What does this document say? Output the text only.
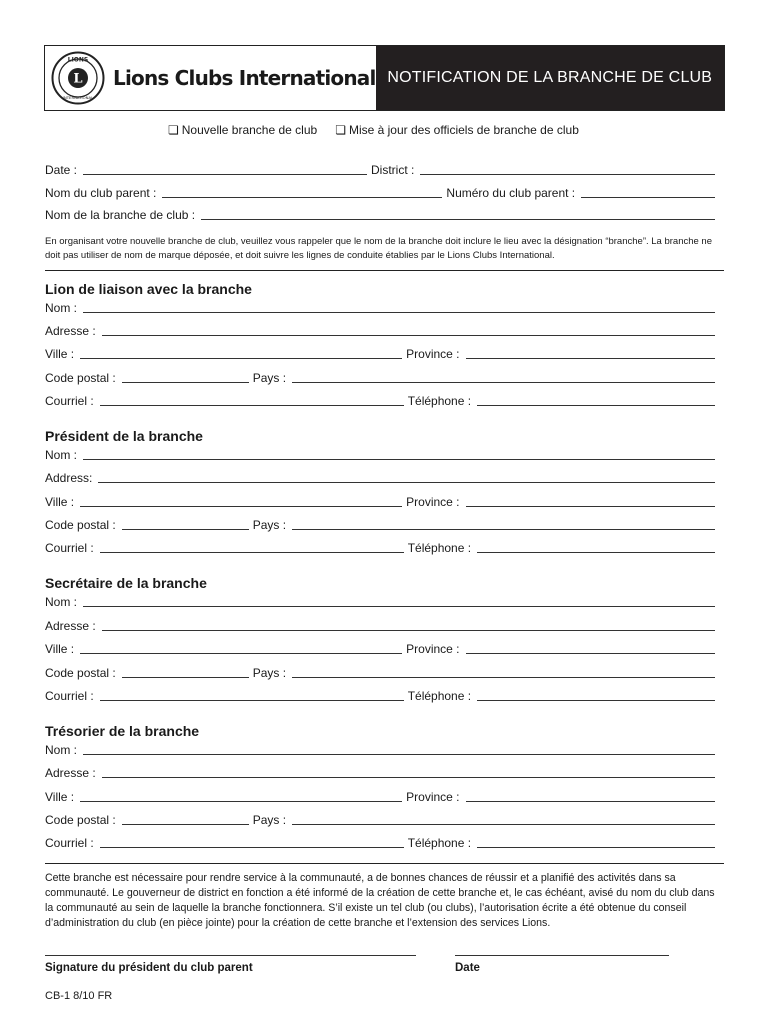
L
LIONS
INTERNATIONAL
Lions Clubs International NOTIFICATION DE LA BRANCHE DE CLUB
❏ Nouvelle branche de club ❏ Mise à jour des officiels de branche de club
Date :	District :
Nom du club parent :	Numéro du club parent :
Nom de la branche de club :
En organisant votre nouvelle branche de club, veuillez vous rappeler que le nom de la branche doit inclure le lieu avec la désignation “branche”. La branche ne doit pas utiliser de nom de marque déposée, et doit suivre les lignes de conduite établies par le Lions Clubs International.
Lion de liaison avec la branche
Nom :
Adresse :
Ville :	Province :
Code postal :	Pays :
Courriel :	Téléphone :
Président de la branche
Nom :
Address:
Ville :	Province :
Code postal :	Pays :
Courriel :	Téléphone :
Secrétaire de la branche
Nom :
Adresse :
Ville :	Province :
Code postal :	Pays :
Courriel :	Téléphone :
Trésorier de la branche
Nom :
Adresse :
Ville :	Province :
Code postal :	Pays :
Courriel :	Téléphone :
Cette branche est nécessaire pour rendre service à la communauté, a de bonnes chances de réussir et a planifié des activités dans sa communauté. Le gouverneur de district en fonction a été informé de la création de cette branche et, le cas échéant, avisé du nom du club dans la communauté au sein de laquelle la branche fonctionnera. S’il existe un tel club (ou clubs), l’autorisation écrite a été obtenue du conseil d’administration du club (en pièce jointe) pour la création de cette branche et l’extension des services Lions.
Signature du président du club parent	Date
CB-1 8/10 FR
